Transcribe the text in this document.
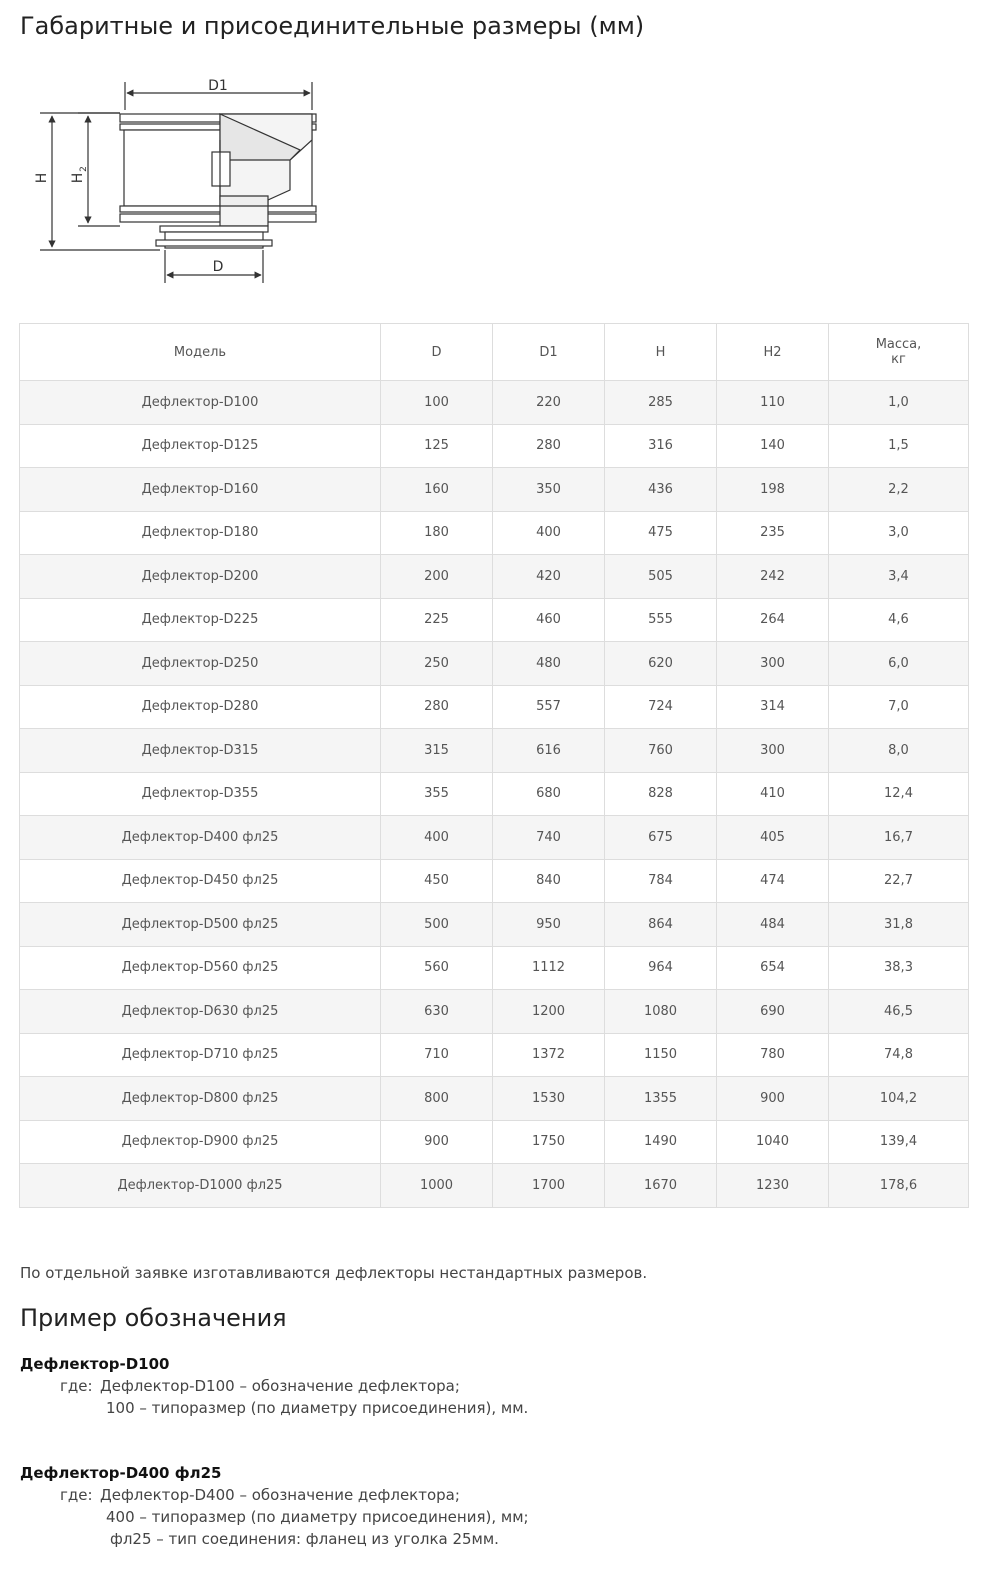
Габаритные и присоединительные размеры (мм)
D1
H H
2
D
Модель	D	D1	H	H2	Масса,
кг
Дефлектор-D100	100	220	285	110	1,0
Дефлектор-D125	125	280	316	140	1,5
Дефлектор-D160	160	350	436	198	2,2
Дефлектор-D180	180	400	475	235	3,0
Дефлектор-D200	200	420	505	242	3,4
Дефлектор-D225	225	460	555	264	4,6
Дефлектор-D250	250	480	620	300	6,0
Дефлектор-D280	280	557	724	314	7,0
Дефлектор-D315	315	616	760	300	8,0
Дефлектор-D355	355	680	828	410	12,4
Дефлектор-D400 фл25	400	740	675	405	16,7
Дефлектор-D450 фл25	450	840	784	474	22,7
Дефлектор-D500 фл25	500	950	864	484	31,8
Дефлектор-D560 фл25	560	1112	964	654	38,3
Дефлектор-D630 фл25	630	1200	1080	690	46,5
Дефлектор-D710 фл25	710	1372	1150	780	74,8
Дефлектор-D800 фл25	800	1530	1355	900	104,2
Дефлектор-D900 фл25	900	1750	1490	1040	139,4
Дефлектор-D1000 фл25	1000	1700	1670	1230	178,6

По отдельной заявке изготавливаются дефлекторы нестандартных размеров.

Пример обозначения
Дефлектор-D100
где: Дефлектор-D100 – обозначение дефлектора;
100 – типоразмер (по диаметру присоединения), мм.
Дефлектор-D400 фл25
где: Дефлектор-D400 – обозначение дефлектора;
400 – типоразмер (по диаметру присоединения), мм;
фл25 – тип соединения: фланец из уголка 25мм.
